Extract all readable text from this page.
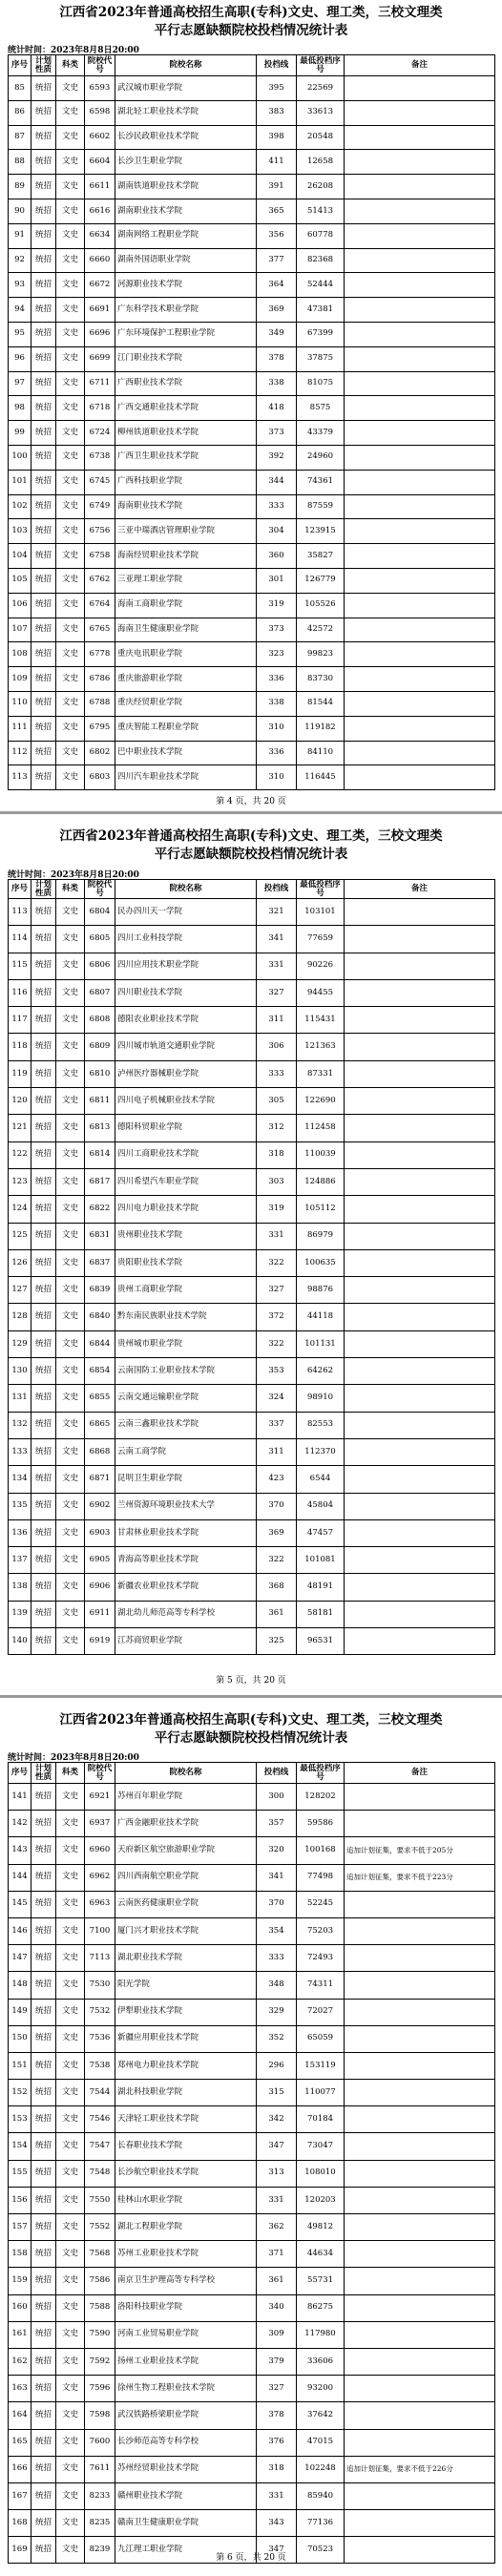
江西省2023年普通高校招生高职(专科)文史、理工类，三校文理类
平行志愿缺额院校投档情况统计表
统计时间：2023年8月8日20:00
序号	计划性质	科类	院校代号	院校名称	投档线	最低投档序号	备注
85	统招	文史	6593	武汉城市职业学院	395	22569	
86	统招	文史	6598	湖北轻工职业技术学院	383	33613	
87	统招	文史	6602	长沙民政职业技术学院	398	20548	
88	统招	文史	6604	长沙卫生职业学院	411	12658	
89	统招	文史	6611	湖南铁道职业技术学院	391	26208	
90	统招	文史	6616	湖南职业技术学院	365	51413	
91	统招	文史	6634	湖南网络工程职业学院	356	60778	
92	统招	文史	6660	湖南外国语职业学院	377	82368	
93	统招	文史	6672	河源职业技术学院	364	52444	
94	统招	文史	6691	广东科学技术职业学院	369	47381	
95	统招	文史	6696	广东环境保护工程职业学院	349	67399	
96	统招	文史	6699	江门职业技术学院	378	37875	
97	统招	文史	6711	广西职业技术学院	338	81075	
98	统招	文史	6718	广西交通职业技术学院	418	8575	
99	统招	文史	6724	柳州铁道职业技术学院	373	43379	
100	统招	文史	6738	广西卫生职业技术学院	392	24960	
101	统招	文史	6745	广西科技职业学院	344	74361	
102	统招	文史	6749	海南职业技术学院	333	87559	
103	统招	文史	6756	三亚中瑞酒店管理职业学院	304	123915	
104	统招	文史	6758	海南经贸职业技术学院	360	35827	
105	统招	文史	6762	三亚理工职业学院	301	126779	
106	统招	文史	6764	海南工商职业学院	319	105526	
107	统招	文史	6765	海南卫生健康职业学院	373	42572	
108	统招	文史	6778	重庆电讯职业学院	323	99823	
109	统招	文史	6786	重庆旅游职业学院	336	83730	
110	统招	文史	6788	重庆经贸职业学院	338	81544	
111	统招	文史	6795	重庆智能工程职业学院	310	119182	
112	统招	文史	6802	巴中职业技术学院	336	84110	
113	统招	文史	6803	四川汽车职业技术学院	310	116445	
第 4 页，共 20 页
江西省2023年普通高校招生高职(专科)文史、理工类，三校文理类
平行志愿缺额院校投档情况统计表
统计时间：2023年8月8日20:00
序号	计划性质	科类	院校代号	院校名称	投档线	最低投档序号	备注
113	统招	文史	6804	民办四川天一学院	321	103101	
114	统招	文史	6805	四川工业科技学院	341	77659	
115	统招	文史	6806	四川应用技术职业学院	331	90226	
116	统招	文史	6807	四川职业技术学院	327	94455	
117	统招	文史	6808	德阳农业职业技术学院	311	115431	
118	统招	文史	6809	四川城市轨道交通职业学院	306	121363	
119	统招	文史	6810	泸州医疗器械职业学院	333	87331	
120	统招	文史	6811	四川电子机械职业技术学院	305	122690	
121	统招	文史	6813	德阳科贸职业学院	312	112458	
122	统招	文史	6814	四川工商职业技术学院	318	110039	
123	统招	文史	6817	四川希望汽车职业学院	303	124886	
124	统招	文史	6822	四川电力职业技术学院	319	105112	
125	统招	文史	6831	贵州职业技术学院	331	86979	
126	统招	文史	6837	贵阳职业技术学院	322	100635	
127	统招	文史	6839	贵州工商职业学院	327	98876	
128	统招	文史	6840	黔东南民族职业技术学院	372	44118	
129	统招	文史	6844	贵州城市职业学院	322	101131	
130	统招	文史	6854	云南国防工业职业技术学院	353	64262	
131	统招	文史	6855	云南交通运输职业学院	324	98910	
132	统招	文史	6865	云南三鑫职业技术学院	337	82553	
133	统招	文史	6868	云南工商学院	311	112370	
134	统招	文史	6871	昆明卫生职业学院	423	6544	
135	统招	文史	6902	兰州资源环境职业技术大学	370	45804	
136	统招	文史	6903	甘肃林业职业技术学院	369	47457	
137	统招	文史	6905	青海高等职业技术学院	322	101081	
138	统招	文史	6906	新疆农业职业技术学院	368	48191	
139	统招	文史	6911	湖北幼儿师范高等专科学校	361	58181	
140	统招	文史	6919	江苏商贸职业学院	325	96531	
第 5 页，共 20 页
江西省2023年普通高校招生高职(专科)文史、理工类，三校文理类
平行志愿缺额院校投档情况统计表
统计时间：2023年8月8日20:00
序号	计划性质	科类	院校代号	院校名称	投档线	最低投档序号	备注
141	统招	文史	6921	苏州百年职业学院	300	128202	
142	统招	文史	6937	广西金融职业技术学院	357	59586	
143	统招	文史	6960	天府新区航空旅游职业学院	320	100168	追加计划征集，要求不低于205分
144	统招	文史	6962	四川西南航空职业学院	341	77498	追加计划征集，要求不低于223分
145	统招	文史	6963	云南医药健康职业学院	370	52245	
146	统招	文史	7100	厦门兴才职业技术学院	354	75203	
147	统招	文史	7113	湖北职业技术学院	333	72493	
148	统招	文史	7530	阳光学院	348	74311	
149	统招	文史	7532	伊犁职业技术学院	329	72027	
150	统招	文史	7536	新疆应用职业技术学院	352	65059	
151	统招	文史	7538	郑州电力职业技术学院	296	153119	
152	统招	文史	7544	湖北科技职业学院	315	110077	
153	统招	文史	7546	天津轻工职业技术学院	342	70184	
154	统招	文史	7547	长春职业技术学院	347	73047	
155	统招	文史	7548	长沙航空职业技术学院	313	108010	
156	统招	文史	7550	桂林山水职业学院	331	120203	
157	统招	文史	7552	湖北工程职业学院	362	49812	
158	统招	文史	7568	苏州工业职业技术学院	371	44634	
159	统招	文史	7586	南京卫生护理高等专科学校	361	55731	
160	统招	文史	7588	洛阳科技职业学院	340	86275	
161	统招	文史	7590	河南工业贸易职业学院	309	117980	
162	统招	文史	7592	扬州工业职业技术学院	379	33606	
163	统招	文史	7596	徐州生物工程职业技术学院	327	93200	
164	统招	文史	7598	武汉铁路桥梁职业学院	378	37642	
165	统招	文史	7600	长沙师范高等专科学校	376	47015	
166	统招	文史	7611	苏州经贸职业技术学院	318	102248	追加计划征集，要求不低于226分
167	统招	文史	8233	赣州职业技术学院	331	85940	
168	统招	文史	8235	赣南卫生健康职业学院	343	77136	
169	统招	文史	8239	九江理工职业学院	347	70523	
第 6 页，共 20 页
